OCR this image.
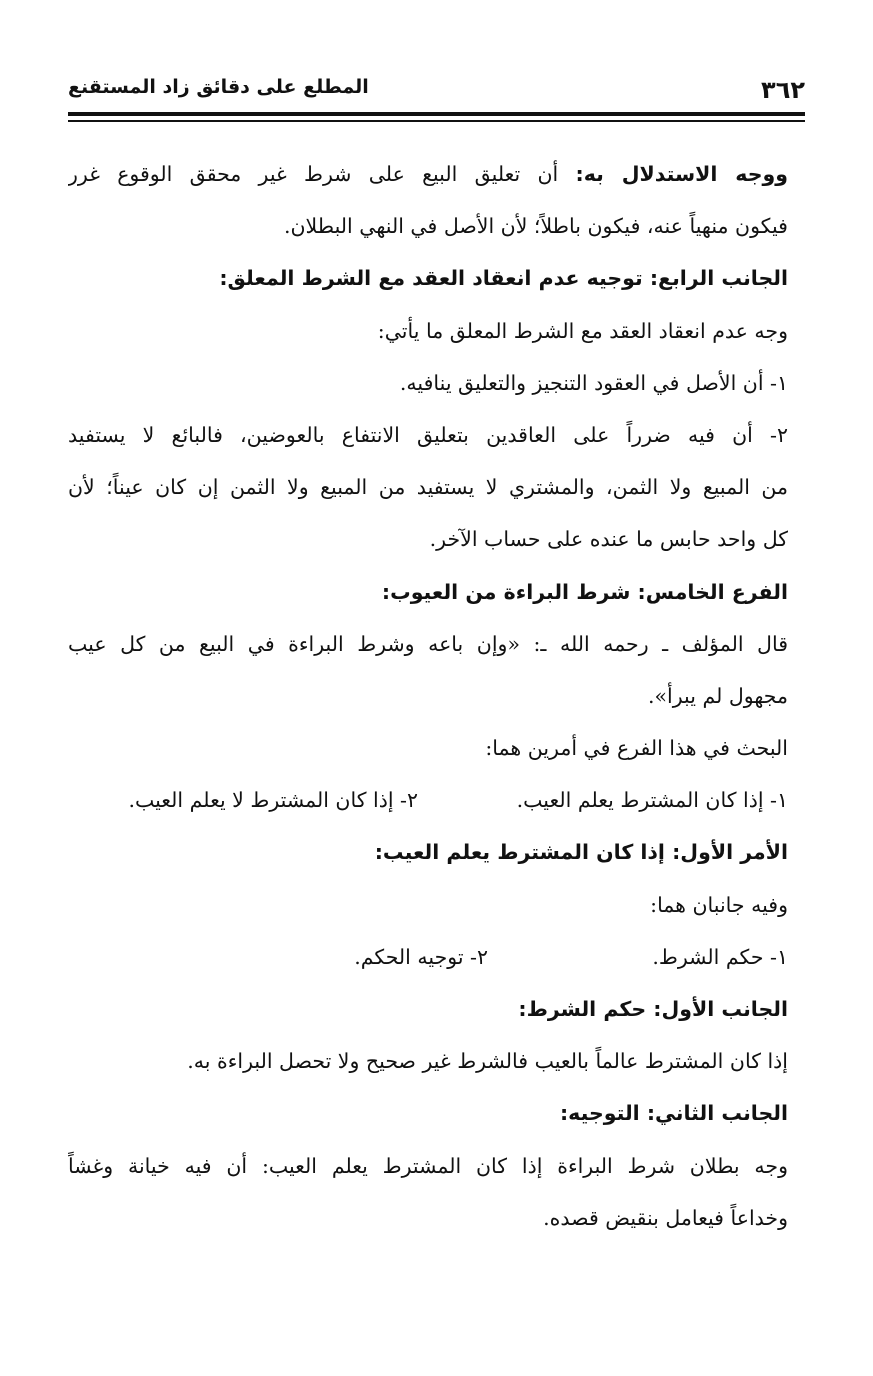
٣٦٢
المطلع على دقائق زاد المستقنع
ووجه الاستدلال به: أن تعليق البيع على شرط غير محقق الوقوع غرر
فيكون منهياً عنه، فيكون باطلاً؛ لأن الأصل في النهي البطلان.
الجانب الرابع: توجيه عدم انعقاد العقد مع الشرط المعلق:
وجه عدم انعقاد العقد مع الشرط المعلق ما يأتي:
١- أن الأصل في العقود التنجيز والتعليق ينافيه.
٢- أن فيه ضرراً على العاقدين بتعليق الانتفاع بالعوضين، فالبائع لا يستفيد
من المبيع ولا الثمن، والمشتري لا يستفيد من المبيع ولا الثمن إن كان عيناً؛ لأن
كل واحد حابس ما عنده على حساب الآخر.
الفرع الخامس: شرط البراءة من العيوب:
قال المؤلف ـ رحمه الله ـ: «وإن باعه وشرط البراءة في البيع من كل عيب
مجهول لم يبرأ».
البحث في هذا الفرع في أمرين هما:
١- إذا كان المشترط يعلم العيب.
٢- إذا كان المشترط لا يعلم العيب.
الأمر الأول: إذا كان المشترط يعلم العيب:
وفيه جانبان هما:
١- حكم الشرط.
٢- توجيه الحكم.
الجانب الأول: حكم الشرط:
إذا كان المشترط عالماً بالعيب فالشرط غير صحيح ولا تحصل البراءة به.
الجانب الثاني: التوجيه:
وجه بطلان شرط البراءة إذا كان المشترط يعلم العيب: أن فيه خيانة وغشاً
وخداعاً فيعامل بنقيض قصده.
